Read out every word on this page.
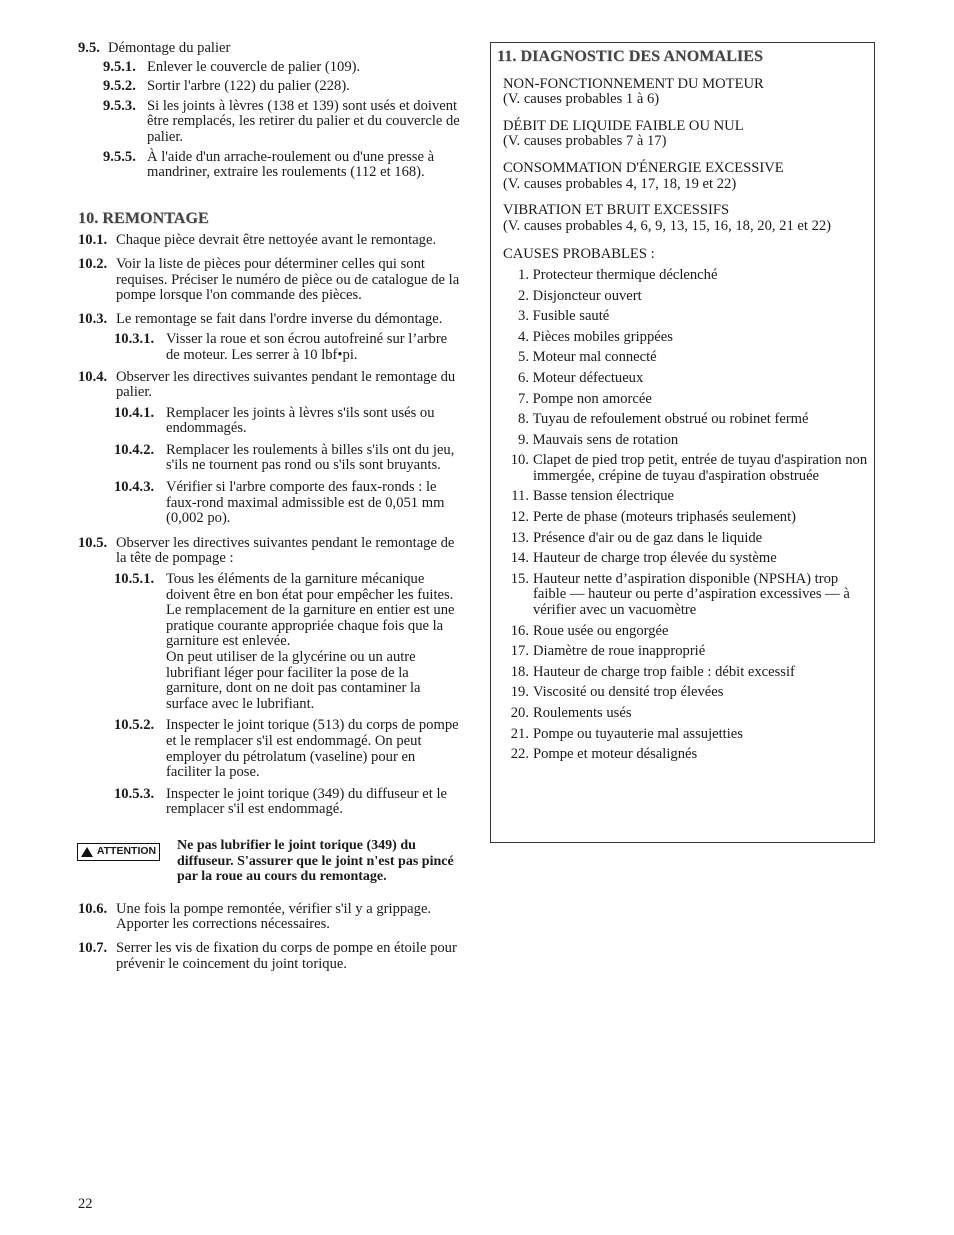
9.5. Démontage du palier
9.5.1. Enlever le couvercle de palier (109).
9.5.2. Sortir l'arbre (122) du palier (228).
9.5.3. Si les joints à lèvres (138 et 139) sont usés et doivent être remplacés, les retirer du palier et du couvercle de palier.
9.5.5. À l'aide d'un arrache-roulement ou d'une presse à mandriner, extraire les roulements (112 et 168).
10. REMONTAGE
10.1. Chaque pièce devrait être nettoyée avant le remontage.
10.2. Voir la liste de pièces pour déterminer celles qui sont requises. Préciser le numéro de pièce ou de catalogue de la pompe lorsque l'on commande des pièces.
10.3. Le remontage se fait dans l'ordre inverse du démontage.
10.3.1. Visser la roue et son écrou autofreiné sur l’arbre de moteur. Les serrer à 10 lbf•pi.
10.4. Observer les directives suivantes pendant le remontage du palier.
10.4.1. Remplacer les joints à lèvres s'ils sont usés ou endommagés.
10.4.2. Remplacer les roulements à billes s'ils ont du jeu, s'ils ne tournent pas rond ou s'ils sont bruyants.
10.4.3. Vérifier si l'arbre comporte des faux-ronds : le faux-rond maximal admissible est de 0,051 mm (0,002 po).
10.5. Observer les directives suivantes pendant le remontage de la tête de pompage :
10.5.1. Tous les éléments de la garniture mécanique doivent être en bon état pour empêcher les fuites. Le remplacement de la garniture en entier est une pratique courante appropriée chaque fois que la garniture est enlevée.
On peut utiliser de la glycérine ou un autre lubrifiant léger pour faciliter la pose de la garniture, dont on ne doit pas contaminer la surface avec le lubrifiant.
10.5.2. Inspecter le joint torique (513) du corps de pompe et le remplacer s'il est endommagé. On peut employer du pétrolatum (vaseline) pour en faciliter la pose.
10.5.3. Inspecter le joint torique (349) du diffuseur et le remplacer s'il est endommagé.
ATTENTION Ne pas lubrifier le joint torique (349) du diffuseur. S'assurer que le joint n'est pas pincé par la roue au cours du remontage.
10.6. Une fois la pompe remontée, vérifier s'il y a grippage. Apporter les corrections nécessaires.
10.7. Serrer les vis de fixation du corps de pompe en étoile pour prévenir le coincement du joint torique.
11. DIAGNOSTIC DES ANOMALIES
NON-FONCTIONNEMENT DU MOTEUR
(V. causes probables 1 à 6)
DÉBIT DE LIQUIDE FAIBLE OU NUL
(V. causes probables 7 à 17)
CONSOMMATION D'ÉNERGIE EXCESSIVE
(V. causes probables 4, 17, 18, 19 et 22)
VIBRATION ET BRUIT EXCESSIFS
(V. causes probables 4, 6, 9, 13, 15, 16, 18, 20, 21 et 22)
CAUSES PROBABLES :
1. Protecteur thermique déclenché
2. Disjoncteur ouvert
3. Fusible sauté
4. Pièces mobiles grippées
5. Moteur mal connecté
6. Moteur défectueux
7. Pompe non amorcée
8. Tuyau de refoulement obstrué ou robinet fermé
9. Mauvais sens de rotation
10. Clapet de pied trop petit, entrée de tuyau d'aspiration non immergée, crépine de tuyau d'aspiration obstruée
11. Basse tension électrique
12. Perte de phase (moteurs triphasés seulement)
13. Présence d'air ou de gaz dans le liquide
14. Hauteur de charge trop élevée du système
15. Hauteur nette d’aspiration disponible (NPSHA) trop faible — hauteur ou perte d’aspiration excessives — à vérifier avec un vacuomètre
16. Roue usée ou engorgée
17. Diamètre de roue inapproprié
18. Hauteur de charge trop faible : débit excessif
19. Viscosité ou densité trop élevées
20. Roulements usés
21. Pompe ou tuyauterie mal assujetties
22. Pompe et moteur désalignés
22
